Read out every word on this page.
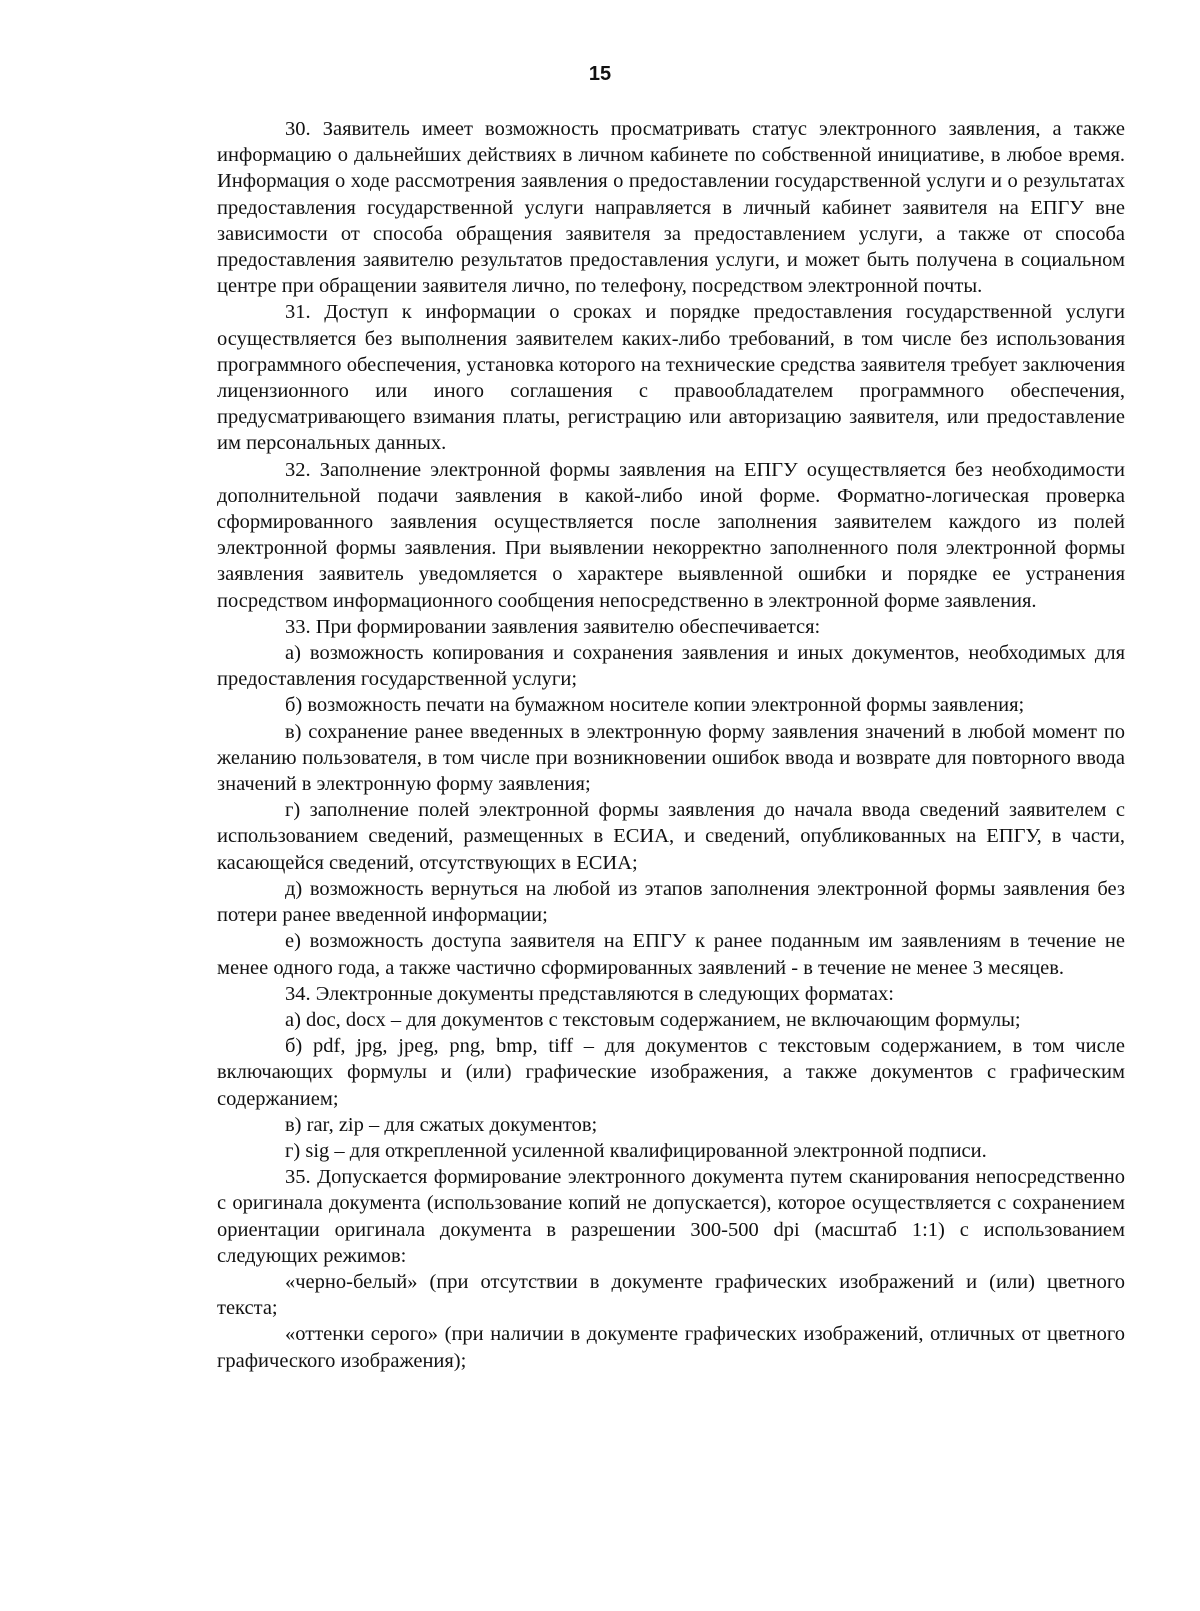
15

30. Заявитель имеет возможность просматривать статус электронного заявления, а также информацию о дальнейших действиях в личном кабинете по собственной инициативе, в любое время. Информация о ходе рассмотрения заявления о предоставлении государственной услуги и о результатах предоставления государственной услуги направляется в личный кабинет заявителя на ЕПГУ вне зависимости от способа обращения заявителя за предоставлением услуги, а также от способа предоставления заявителю результатов предоставления услуги, и может быть получена в социальном центре при обращении заявителя лично, по телефону, посредством электронной почты.

31. Доступ к информации о сроках и порядке предоставления государственной услуги осуществляется без выполнения заявителем каких-либо требований, в том числе без использования программного обеспечения, установка которого на технические средства заявителя требует заключения лицензионного или иного соглашения с правообладателем программного обеспечения, предусматривающего взимания платы, регистрацию или авторизацию заявителя, или предоставление им персональных данных.

32. Заполнение электронной формы заявления на ЕПГУ осуществляется без необходимости дополнительной подачи заявления в какой-либо иной форме. Форматно-логическая проверка сформированного заявления осуществляется после заполнения заявителем каждого из полей электронной формы заявления. При выявлении некорректно заполненного поля электронной формы заявления заявитель уведомляется о характере выявленной ошибки и порядке ее устранения посредством информационного сообщения непосредственно в электронной форме заявления.

33. При формировании заявления заявителю обеспечивается:

а) возможность копирования и сохранения заявления и иных документов, необходимых для предоставления государственной услуги;

б) возможность печати на бумажном носителе копии электронной формы заявления;

в) сохранение ранее введенных в электронную форму заявления значений в любой момент по желанию пользователя, в том числе при возникновении ошибок ввода и возврате для повторного ввода значений в электронную форму заявления;

г) заполнение полей электронной формы заявления до начала ввода сведений заявителем с использованием сведений, размещенных в ЕСИА, и сведений, опубликованных на ЕПГУ, в части, касающейся сведений, отсутствующих в ЕСИА;

д) возможность вернуться на любой из этапов заполнения электронной формы заявления без потери ранее введенной информации;

е) возможность доступа заявителя на ЕПГУ к ранее поданным им заявлениям в течение не менее одного года, а также частично сформированных заявлений - в течение не менее 3 месяцев.

34. Электронные документы представляются в следующих форматах:

а) doc, docx – для документов с текстовым содержанием, не включающим формулы;

б) pdf, jpg, jpeg, png, bmp, tiff – для документов с текстовым содержанием, в том числе включающих формулы и (или) графические изображения, а также документов с графическим содержанием;

в) rar, zip – для сжатых документов;

г) sig – для открепленной усиленной квалифицированной электронной подписи.

35. Допускается формирование электронного документа путем сканирования непосредственно с оригинала документа (использование копий не допускается), которое осуществляется с сохранением ориентации оригинала документа в разрешении 300-500 dpi (масштаб 1:1) с использованием следующих режимов:

«черно-белый» (при отсутствии в документе графических изображений и (или) цветного текста;

«оттенки серого» (при наличии в документе графических изображений, отличных от цветного графического изображения);
